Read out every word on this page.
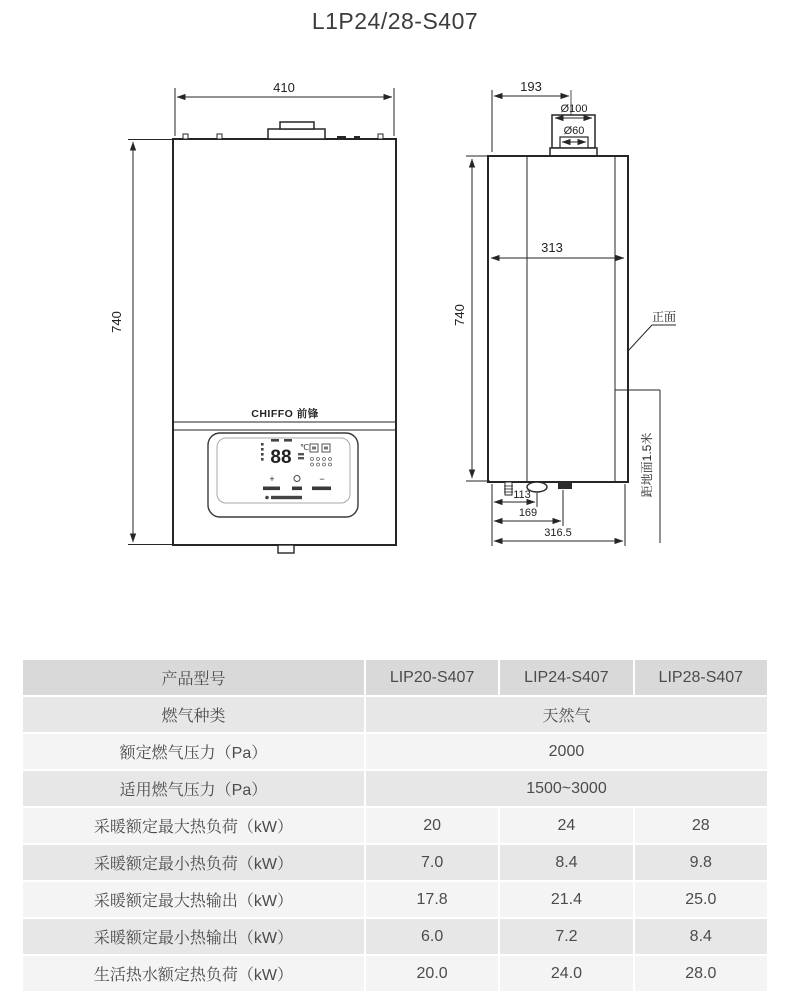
L1P24/28-S407
410
740
CHIFFO 前锋
88 ℃
+	−
193
Ø100
Ø60
313
740
113
169
316.5
正面
距地面1.5米
产品型号	LIP20-S407	LIP24-S407	LIP28-S407
燃气种类	天然气		
额定燃气压力（Pa）	2000		
适用燃气压力（Pa）	1500~3000		
采暖额定最大热负荷（kW）	20	24	28
采暖额定最小热负荷（kW）	7.0	8.4	9.8
采暖额定最大热输出（kW）	17.8	21.4	25.0
采暖额定最小热输出（kW）	6.0	7.2	8.4
生活热水额定热负荷（kW）	20.0	24.0	28.0
